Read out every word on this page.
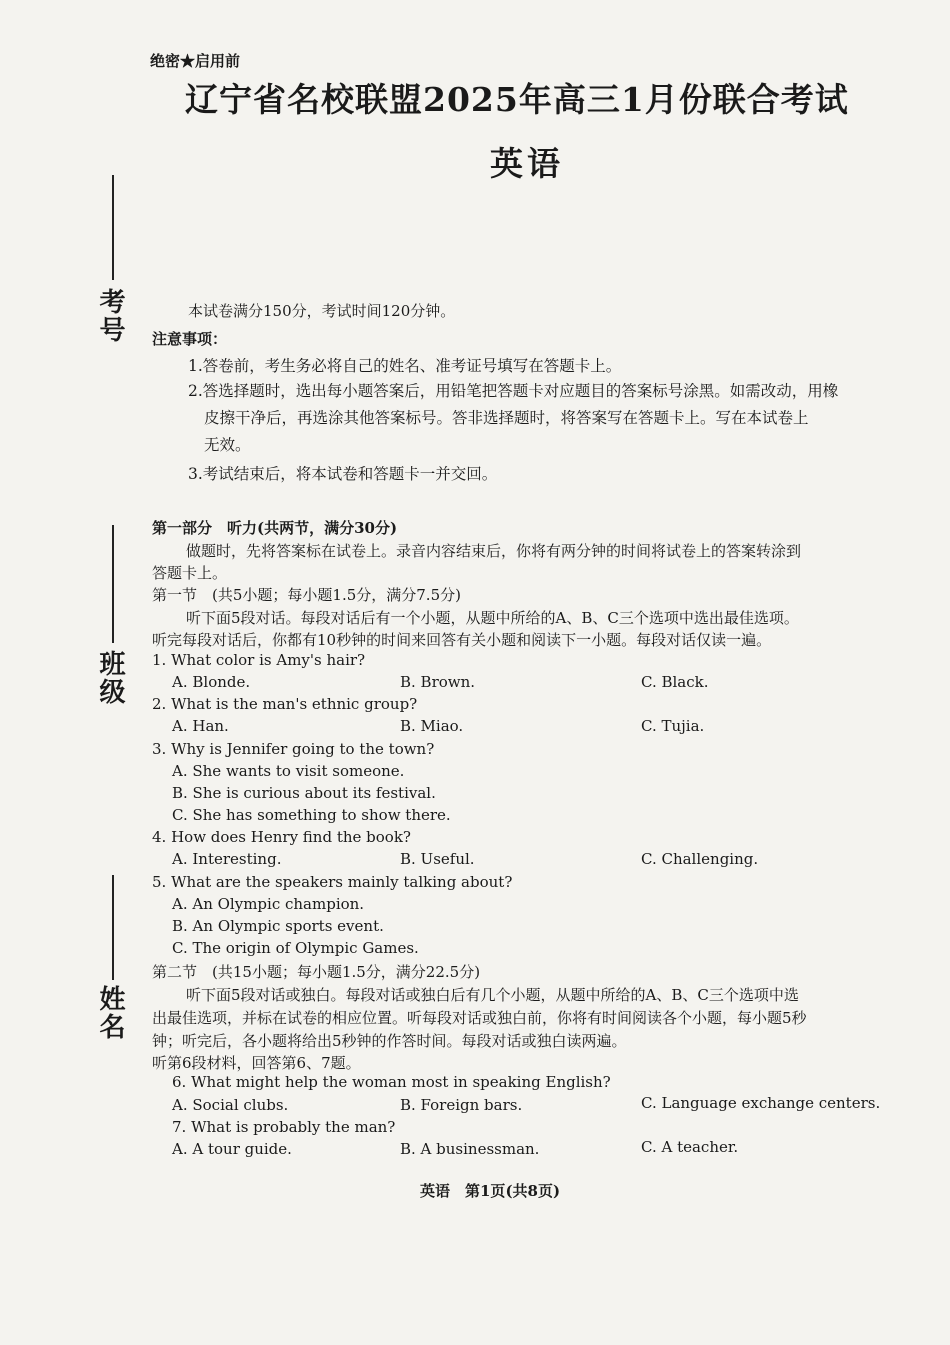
绝密★启用前
辽宁省名校联盟2025年高三1月份联合考试
英语
考号
班级
姓名
本试卷满分150分，考试时间120分钟。
注意事项：
1.答卷前，考生务必将自己的姓名、准考证号填写在答题卡上。
2.答选择题时，选出每小题答案后，用铅笔把答题卡对应题目的答案标号涂黑。如需改动，用橡
皮擦干净后，再选涂其他答案标号。答非选择题时，将答案写在答题卡上。写在本试卷上
无效。
3.考试结束后，将本试卷和答题卡一并交回。
第一部分　听力(共两节，满分30分)
做题时，先将答案标在试卷上。录音内容结束后，你将有两分钟的时间将试卷上的答案转涂到
答题卡上。
第一节　(共5小题；每小题1.5分，满分7.5分)
听下面5段对话。每段对话后有一个小题，从题中所给的A、B、C三个选项中选出最佳选项。
听完每段对话后，你都有10秒钟的时间来回答有关小题和阅读下一小题。每段对话仅读一遍。
1. What color is Amy's hair?
A. Blonde.	B. Brown.	C. Black.
2. What is the man's ethnic group?
A. Han.	B. Miao.	C. Tujia.
3. Why is Jennifer going to the town?
A. She wants to visit someone.
B. She is curious about its festival.
C. She has something to show there.
4. How does Henry find the book?
A. Interesting.	B. Useful.	C. Challenging.
5. What are the speakers mainly talking about?
A. An Olympic champion.
B. An Olympic sports event.
C. The origin of Olympic Games.
第二节　(共15小题；每小题1.5分，满分22.5分)
听下面5段对话或独白。每段对话或独白后有几个小题，从题中所给的A、B、C三个选项中选
出最佳选项，并标在试卷的相应位置。听每段对话或独白前，你将有时间阅读各个小题，每小题5秒
钟；听完后，各小题将给出5秒钟的作答时间。每段对话或独白读两遍。
听第6段材料，回答第6、7题。
6. What might help the woman most in speaking English?
A. Social clubs.	B. Foreign bars.	C. Language exchange centers.
7. What is probably the man?
A. A tour guide.	B. A businessman.	C. A teacher.
英语　第1页(共8页)
